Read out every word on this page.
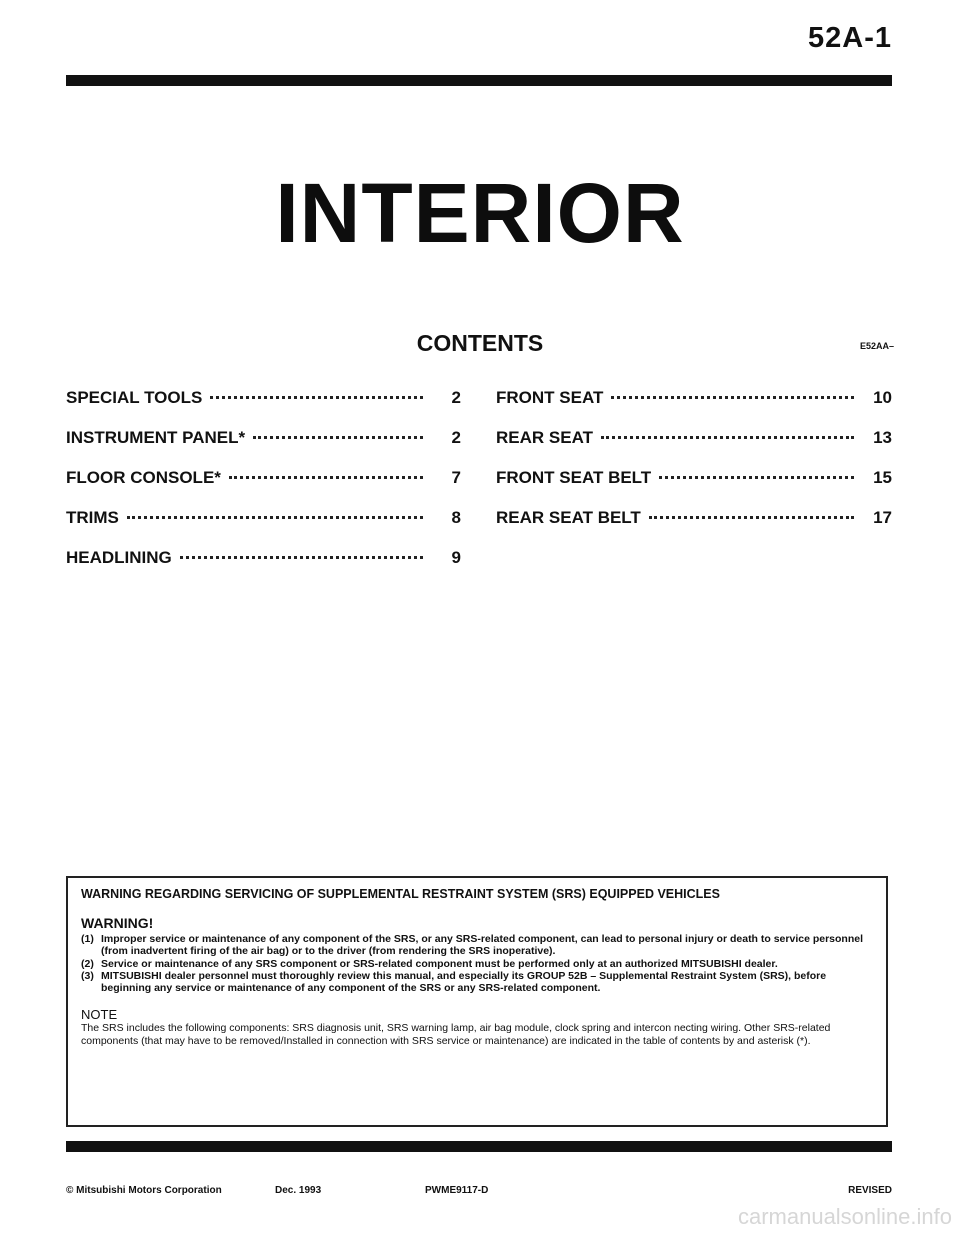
52A-1
INTERIOR
CONTENTS	E52AA–
SPECIAL TOOLS	2
INSTRUMENT PANEL*	2
FLOOR CONSOLE*	7
TRIMS	8
HEADLINING	9
FRONT SEAT	10
REAR SEAT	13
FRONT SEAT BELT	15
REAR SEAT BELT	17
WARNING REGARDING SERVICING OF SUPPLEMENTAL RESTRAINT SYSTEM (SRS) EQUIPPED VEHICLES
WARNING!
(1) Improper service or maintenance of any component of the SRS, or any SRS-related component, can lead to personal injury or death to service personnel (from inadvertent firing of the air bag) or to the driver (from rendering the SRS inoperative).
(2) Service or maintenance of any SRS component or SRS-related component must be performed only at an authorized MITSUBISHI dealer.
(3) MITSUBISHI dealer personnel must thoroughly review this manual, and especially its GROUP 52B – Supplemental Restraint System (SRS), before beginning any service or maintenance of any component of the SRS or any SRS-related component.
NOTE
The SRS includes the following components: SRS diagnosis unit, SRS warning lamp, air bag module, clock spring and intercon necting wiring. Other SRS-related components (that may have to be removed/Installed in connection with SRS service or maintenance) are indicated in the table of contents by and asterisk (*).
© Mitsubishi Motors Corporation	Dec. 1993	PWME9117-D	REVISED
carmanualsonline.info
